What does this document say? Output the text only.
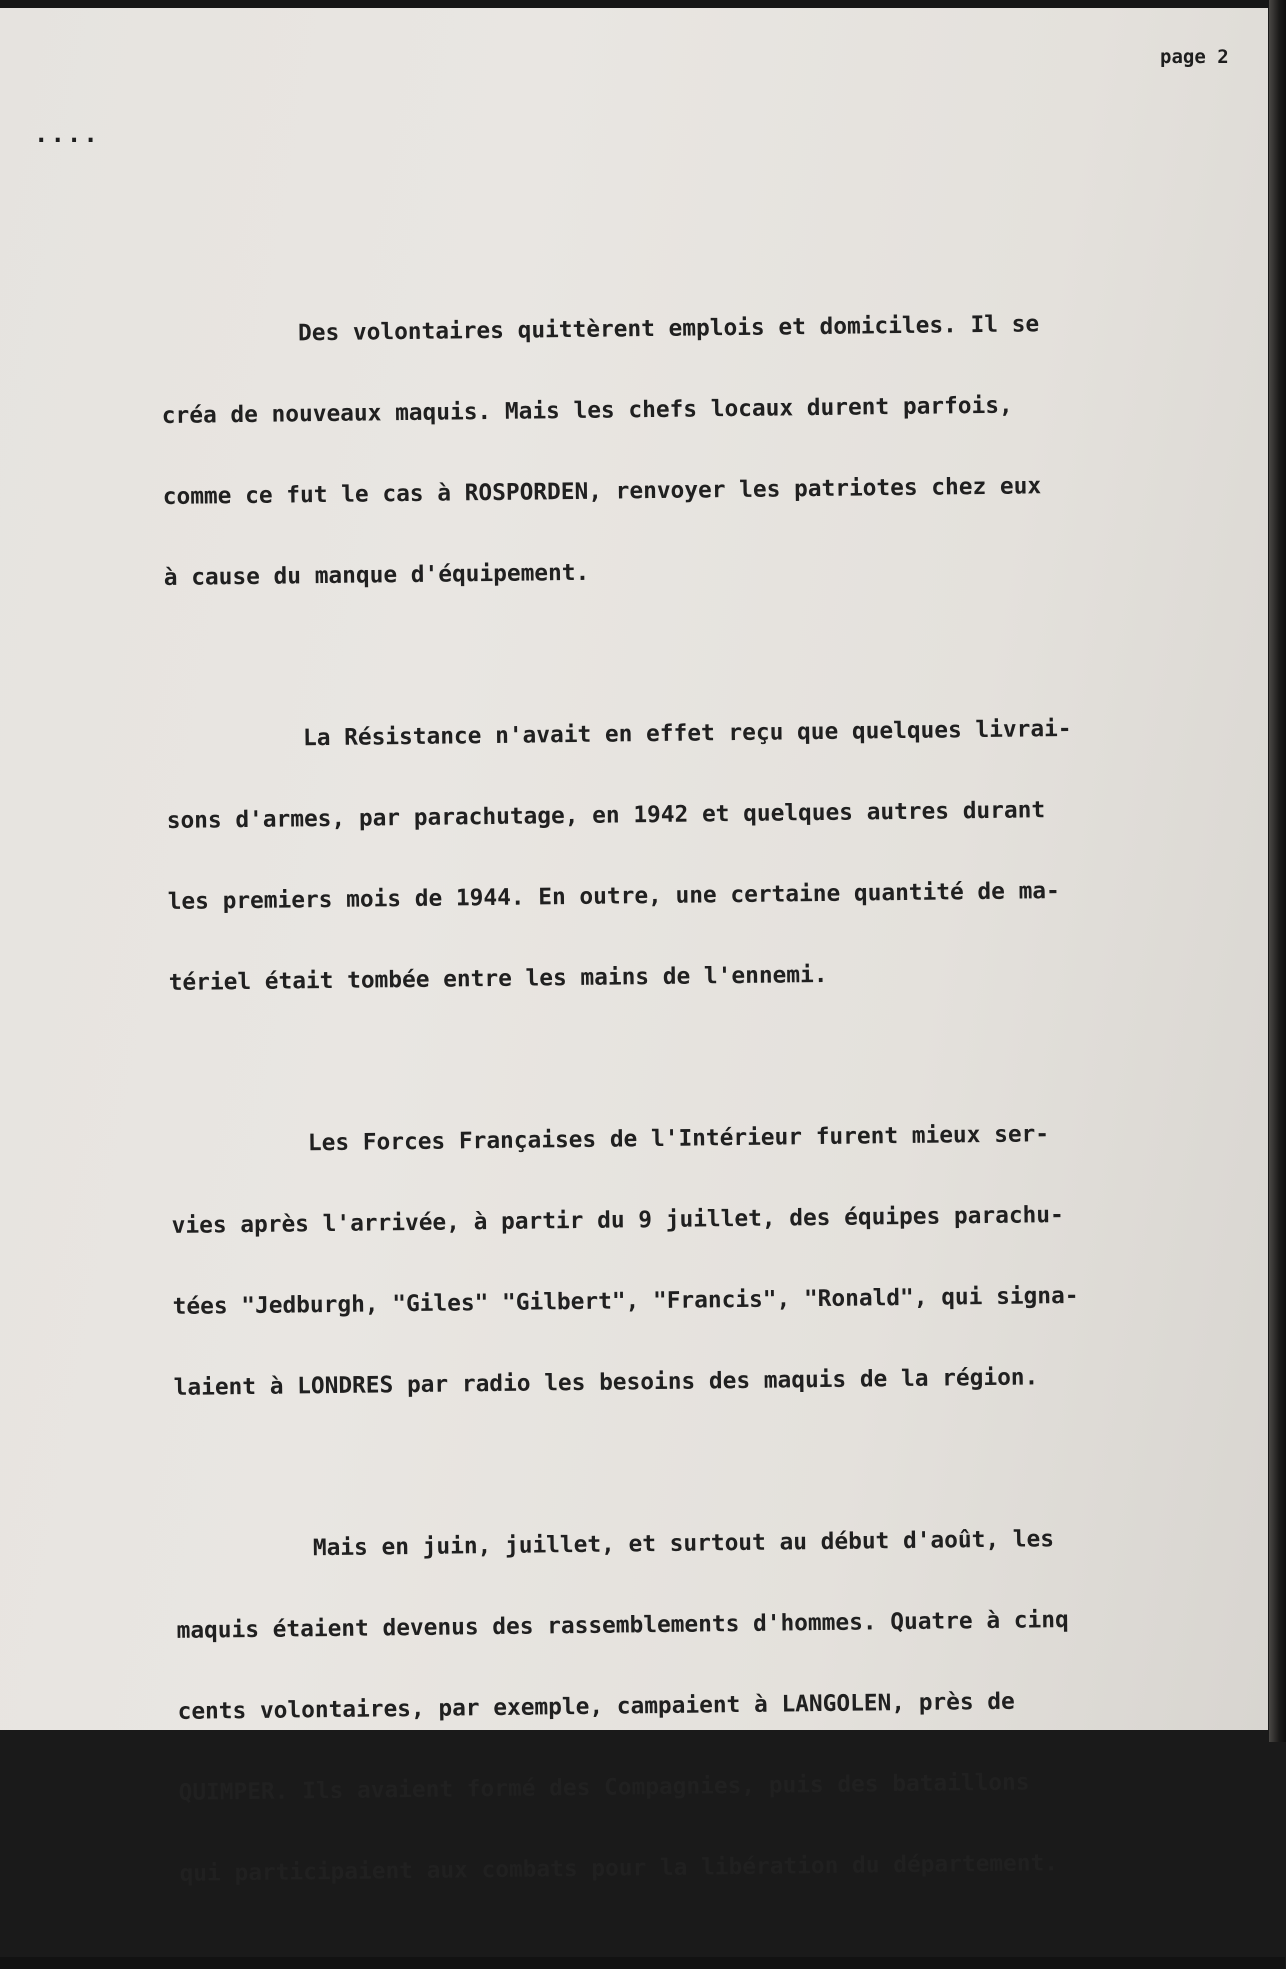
page 2
....

Des volontaires quittèrent emplois et domiciles. Il se

créa de nouveaux maquis. Mais les chefs locaux durent parfois,

comme ce fut le cas à ROSPORDEN, renvoyer les patriotes chez eux

à cause du manque d'équipement.

La Résistance n'avait en effet reçu que quelques livrai-

sons d'armes, par parachutage, en 1942 et quelques autres durant

les premiers mois de 1944. En outre, une certaine quantité de ma-

tériel était tombée entre les mains de l'ennemi.

Les Forces Françaises de l'Intérieur furent mieux ser-

vies après l'arrivée, à partir du 9 juillet, des équipes parachu-

tées "Jedburgh, "Giles" "Gilbert", "Francis", "Ronald", qui signa-

laient à LONDRES par radio les besoins des maquis de la région.

Mais en juin, juillet, et surtout au début d'août, les

maquis étaient devenus des rassemblements d'hommes. Quatre à cinq

cents volontaires, par exemple, campaient à LANGOLEN, près de

QUIMPER. Ils avaient formé des Compagnies, puis des bataillons

qui participaient aux combats pour la libération du département.
